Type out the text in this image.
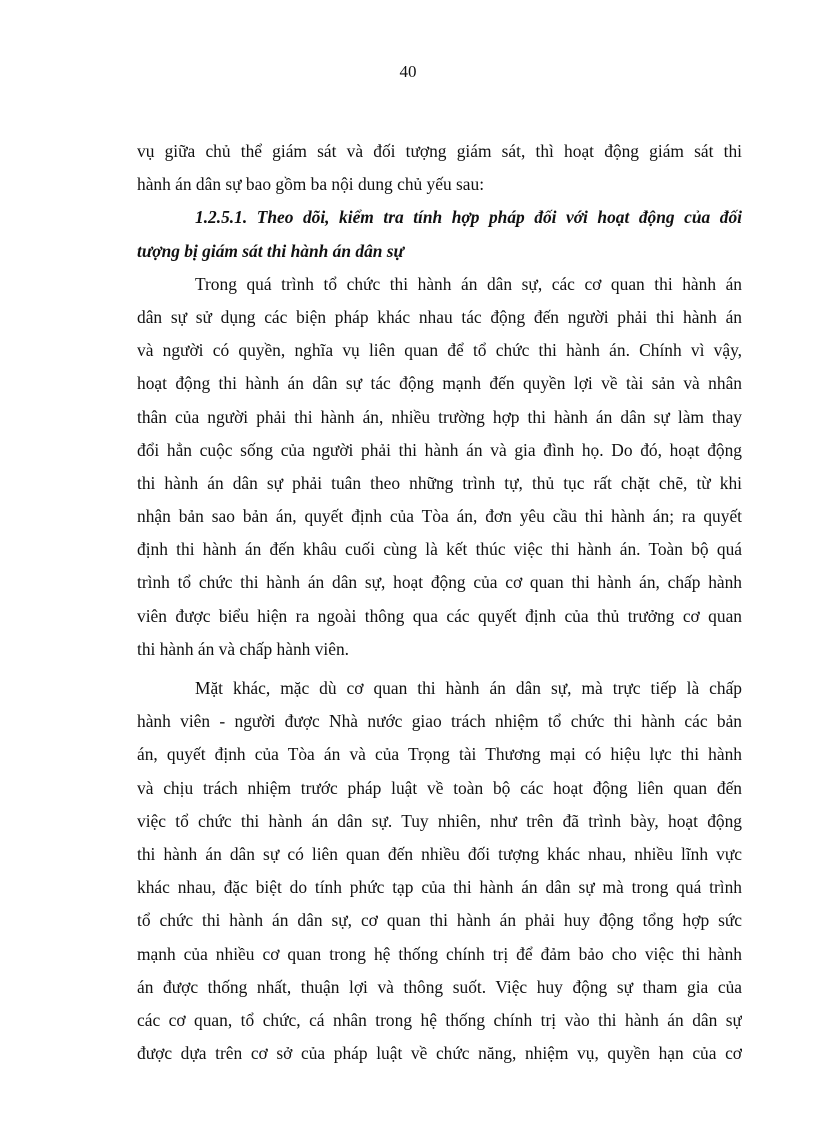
40
vụ giữa chủ thể giám sát và đối tượng giám sát, thì hoạt động giám sát thi
hành án dân sự bao gồm ba nội dung chủ yếu sau:
1.2.5.1. Theo dõi, kiểm tra tính hợp pháp đối với hoạt động của đối
tượng bị giám sát thi hành án dân sự
Trong quá trình tổ chức thi hành án dân sự, các cơ quan thi hành án
dân sự sử dụng các biện pháp khác nhau tác động đến người phải thi hành án
và người có quyền, nghĩa vụ liên quan để tổ chức thi hành án. Chính vì vậy,
hoạt động thi hành án dân sự tác động mạnh đến quyền lợi về tài sản và nhân
thân của người phải thi hành án, nhiều trường hợp thi hành án dân sự làm thay
đổi hẳn cuộc sống của người phải thi hành án và gia đình họ. Do đó, hoạt động
thi hành án dân sự phải tuân theo những trình tự, thủ tục rất chặt chẽ, từ khi
nhận bản sao bản án, quyết định của Tòa án, đơn yêu cầu thi hành án; ra quyết
định thi hành án đến khâu cuối cùng là kết thúc việc thi hành án. Toàn bộ quá
trình tổ chức thi hành án dân sự, hoạt động của cơ quan thi hành án, chấp hành
viên được biểu hiện ra ngoài thông qua các quyết định của thủ trưởng cơ quan
thi hành án và chấp hành viên.
Mặt khác, mặc dù cơ quan thi hành án dân sự, mà trực tiếp là chấp
hành viên - người được Nhà nước giao trách nhiệm tổ chức thi hành các bản
án, quyết định của Tòa án và của Trọng tài Thương mại có hiệu lực thi hành
và chịu trách nhiệm trước pháp luật về toàn bộ các hoạt động liên quan đến
việc tổ chức thi hành án dân sự. Tuy nhiên, như trên đã trình bày, hoạt động
thi hành án dân sự có liên quan đến nhiều đối tượng khác nhau, nhiều lĩnh vực
khác nhau, đặc biệt do tính phức tạp của thi hành án dân sự mà trong quá trình
tổ chức thi hành án dân sự, cơ quan thi hành án phải huy động tổng hợp sức
mạnh của nhiều cơ quan trong hệ thống chính trị để đảm bảo cho việc thi hành
án được thống nhất, thuận lợi và thông suốt. Việc huy động sự tham gia của
các cơ quan, tổ chức, cá nhân trong hệ thống chính trị vào thi hành án dân sự
được dựa trên cơ sở của pháp luật về chức năng, nhiệm vụ, quyền hạn của cơ
